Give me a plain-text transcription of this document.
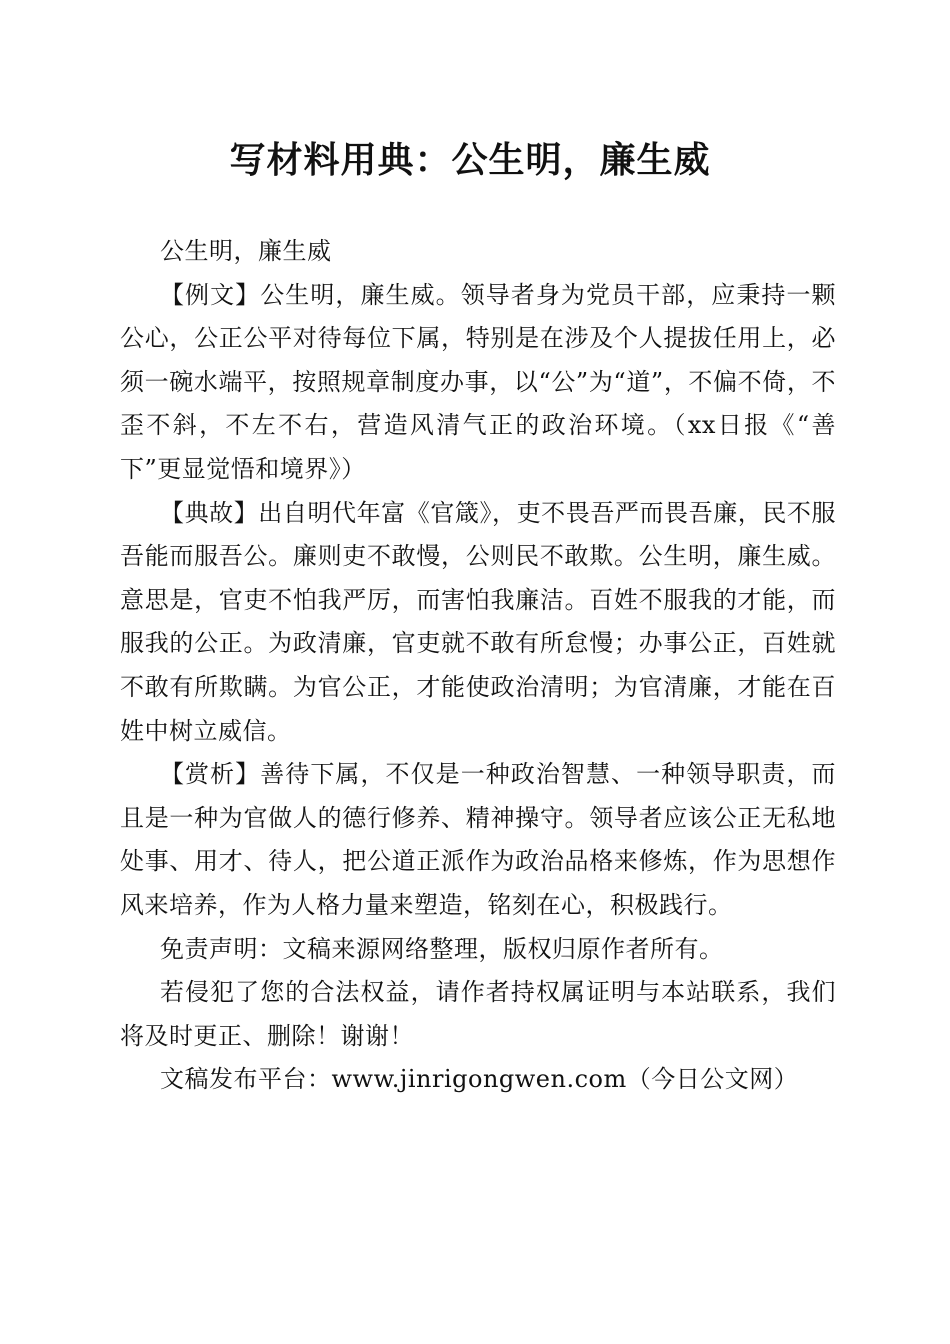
写材料用典：公生明，廉生威

公生明，廉生威

【例文】公生明，廉生威。领导者身为党员干部，应秉持一颗公心，公正公平对待每位下属，特别是在涉及个人提拔任用上，必须一碗水端平，按照规章制度办事，以“公”为“道”，不偏不倚，不歪不斜，不左不右，营造风清气正的政治环境。（xx日报《“善下”更显觉悟和境界》）

【典故】出自明代年富《官箴》，吏不畏吾严而畏吾廉，民不服吾能而服吾公。廉则吏不敢慢，公则民不敢欺。公生明，廉生威。意思是，官吏不怕我严厉，而害怕我廉洁。百姓不服我的才能，而服我的公正。为政清廉，官吏就不敢有所怠慢；办事公正，百姓就不敢有所欺瞒。为官公正，才能使政治清明；为官清廉，才能在百姓中树立威信。

【赏析】善待下属，不仅是一种政治智慧、一种领导职责，而且是一种为官做人的德行修养、精神操守。领导者应该公正无私地处事、用才、待人，把公道正派作为政治品格来修炼，作为思想作风来培养，作为人格力量来塑造，铭刻在心，积极践行。

免责声明：文稿来源网络整理，版权归原作者所有。

若侵犯了您的合法权益，请作者持权属证明与本站联系，我们将及时更正、删除！谢谢！

文稿发布平台：www.jinrigongwen.com（今日公文网）
